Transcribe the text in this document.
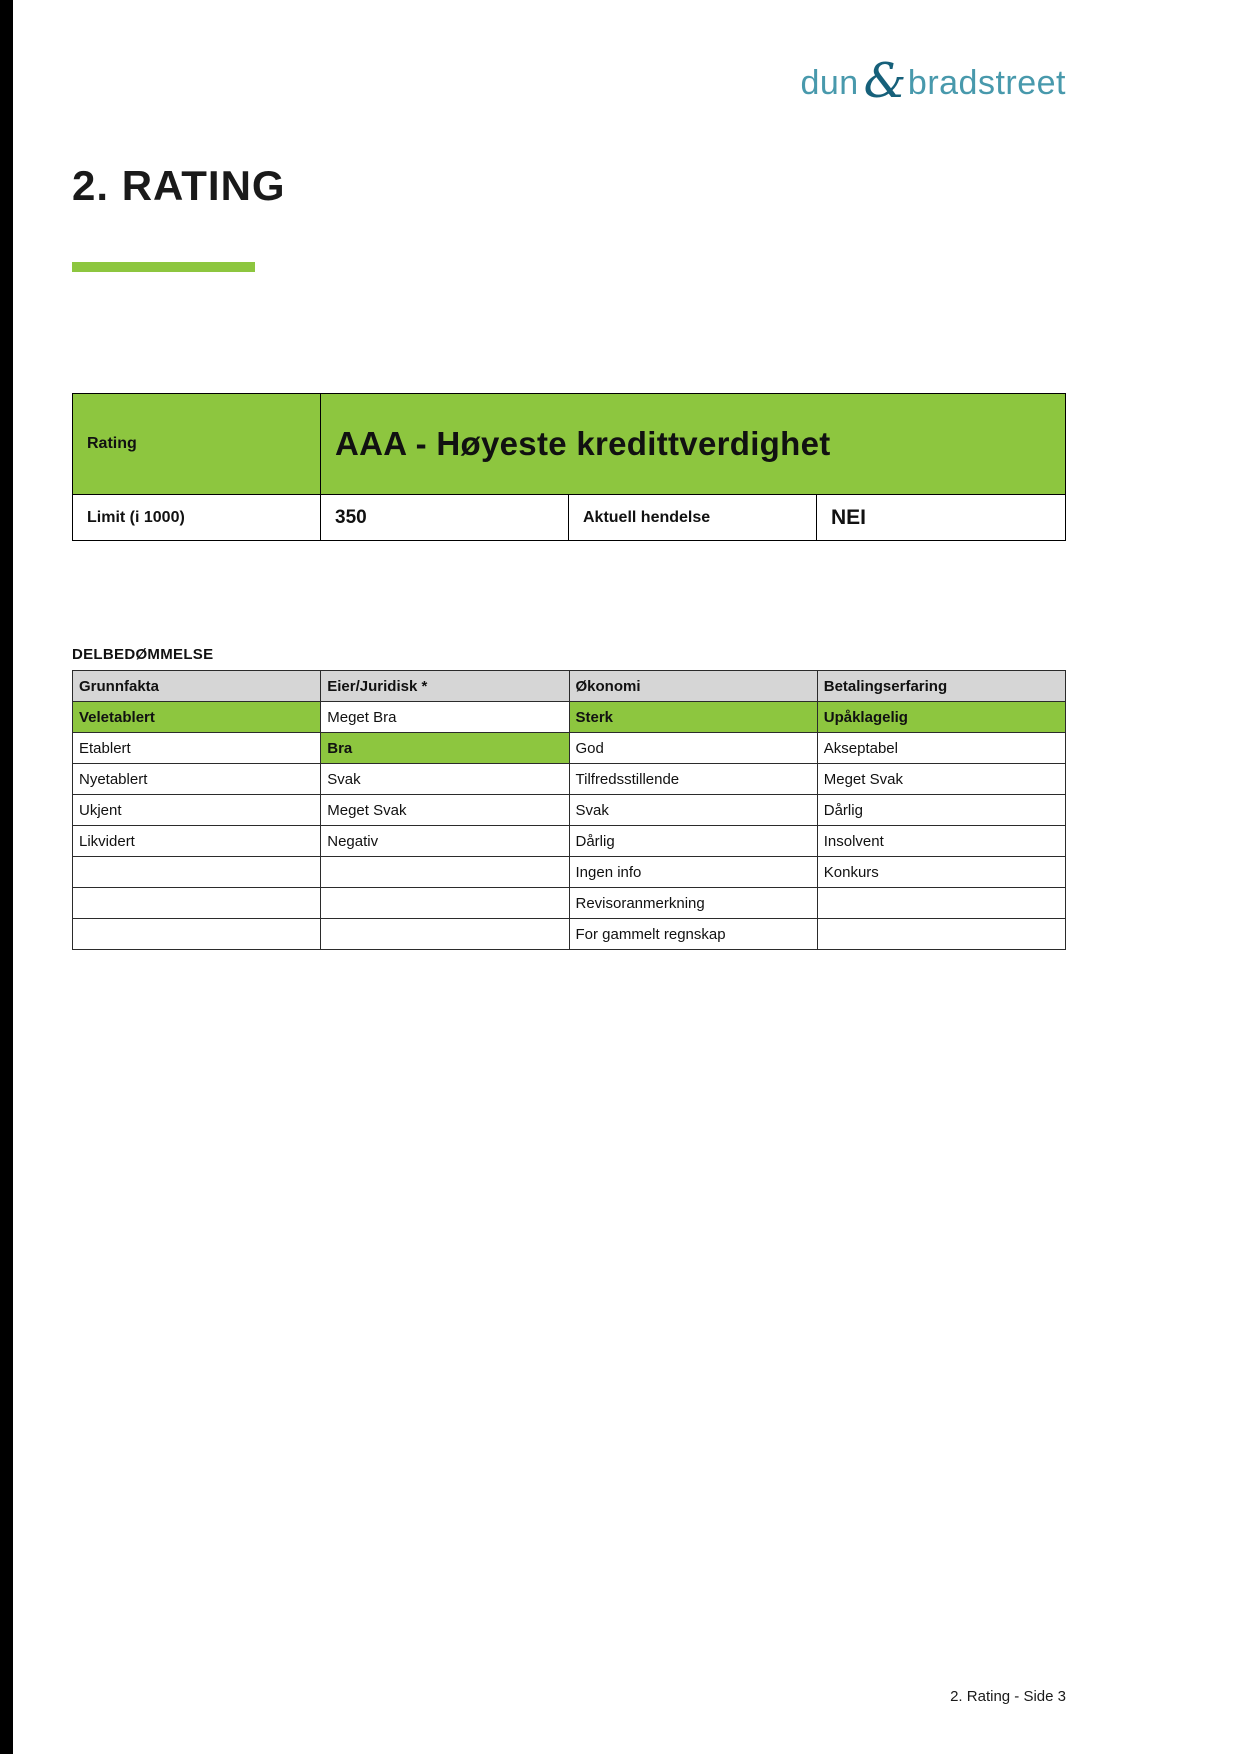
dun & bradstreet
2. RATING
Rating	AAA - Høyeste kredittverdighet
Limit (i 1000)	350	Aktuell hendelse	NEI
DELBEDØMMELSE
Grunnfakta	Eier/Juridisk *	Økonomi	Betalingserfaring
Veletablert	Meget Bra	Sterk	Upåklagelig
Etablert	Bra	God	Akseptabel
Nyetablert	Svak	Tilfredsstillende	Meget Svak
Ukjent	Meget Svak	Svak	Dårlig
Likvidert	Negativ	Dårlig	Insolvent
		Ingen info	Konkurs
		Revisoranmerkning	
		For gammelt regnskap	
2. Rating - Side 3
